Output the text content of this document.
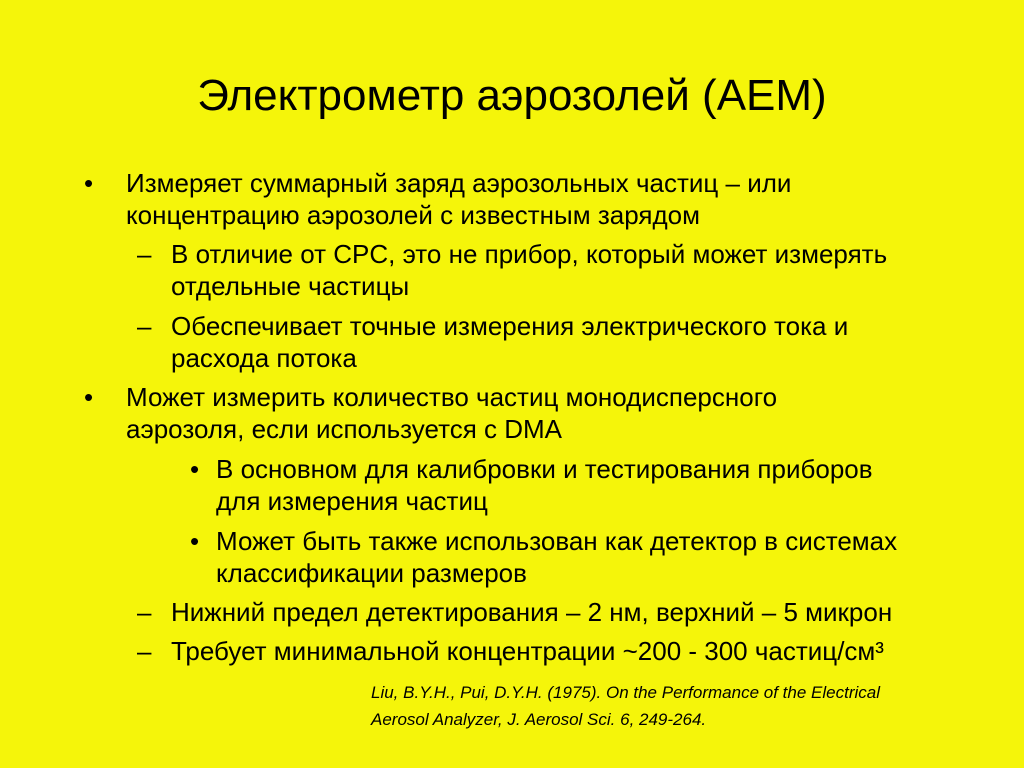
Электрометр аэрозолей (АЕМ)
• Измеряет суммарный заряд аэрозольных частиц – или
концентрацию аэрозолей с известным зарядом
– В отличие от CPC, это не прибор, который может измерять
отдельные частицы
– Обеспечивает точные измерения электрического тока и
расхода потока
• Может измерить количество частиц монодисперсного
аэрозоля, если используется с DMA
• В основном для калибровки и тестирования приборов
для измерения частиц
• Может быть также использован как детектор в системах
классификации размеров
– Нижний предел детектирования – 2 нм, верхний – 5 микрон
– Требует минимальной концентрации ~200 - 300 частиц/см³
Liu, B.Y.H., Pui, D.Y.H. (1975). On the Performance of the Electrical
Aerosol Analyzer, J. Aerosol Sci. 6, 249-264.
